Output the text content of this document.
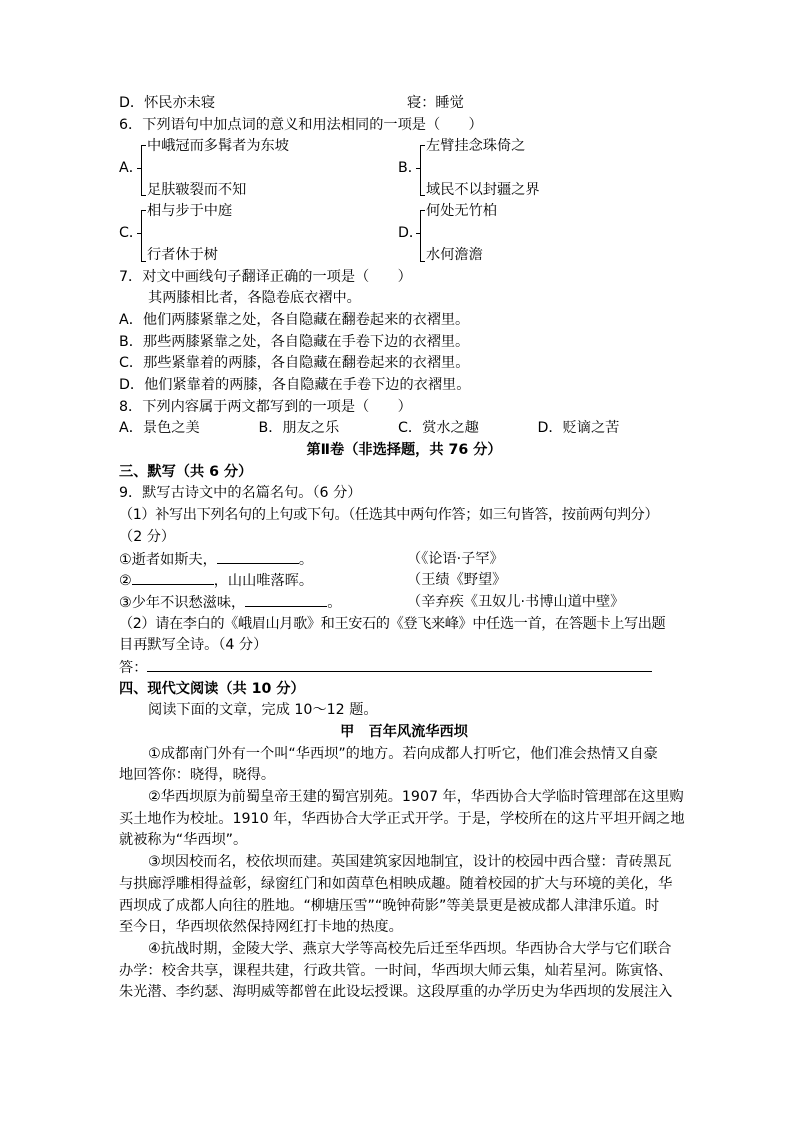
D．怀民亦未寝	寝：睡觉
6．下列语句中加点词的意义和用法相同的一项是（　　）
A．
中峨冠而多髯者为东坡
足肤皲裂而不知
B．
左臂挂念珠倚之
域民不以封疆之界
C．
相与步于中庭
行者休于树
D．
何处无竹柏
水何澹澹
7．对文中画线句子翻译正确的一项是（　　）
其两膝相比者，各隐卷底衣褶中。
A．他们两膝紧靠之处，各自隐藏在翻卷起来的衣褶里。
B．那些两膝紧靠之处，各自隐藏在手卷下边的衣褶里。
C．那些紧靠着的两膝，各自隐藏在翻卷起来的衣褶里。
D．他们紧靠着的两膝，各自隐藏在手卷下边的衣褶里。
8．下列内容属于两文都写到的一项是（　　）
A．景色之美	B．朋友之乐	C．赏水之趣	D．贬谪之苦
第Ⅱ卷（非选择题，共 76 分）
三、默写（共 6 分）
9．默写古诗文中的名篇名句。（6 分）
（1）补写出下列名句的上句或下句。（任选其中两句作答；如三句皆答，按前两句判分）
（2 分）
①逝者如斯夫，	。	（《论语·子罕》
②	，山山唯落晖。	（王绩《野望》
③少年不识愁滋味，	。	（辛弃疾《丑奴儿·书博山道中壁》
（2）请在李白的《峨眉山月歌》和王安石的《登飞来峰》中任选一首，在答题卡上写出题
目再默写全诗。（4 分）
答：
四、现代文阅读（共 10 分）
阅读下面的文章，完成 10～12 题。
甲　百年风流华西坝
①成都南门外有一个叫“华西坝”的地方。若向成都人打听它，他们准会热情又自豪
地回答你：晓得，晓得。
②华西坝原为前蜀皇帝王建的蜀宫别苑。1907 年，华西协合大学临时管理部在这里购
买土地作为校址。1910 年，华西协合大学正式开学。于是，学校所在的这片平坦开阔之地
就被称为“华西坝”。
③坝因校而名，校依坝而建。英国建筑家因地制宜，设计的校园中西合璧：青砖黑瓦
与拱廊浮雕相得益彰，绿窗红门和如茵草色相映成趣。随着校园的扩大与环境的美化，华
西坝成了成都人向往的胜地。“柳塘压雪”“晚钟荷影”等美景更是被成都人津津乐道。时
至今日，华西坝依然保持网红打卡地的热度。
④抗战时期，金陵大学、燕京大学等高校先后迁至华西坝。华西协合大学与它们联合
办学：校舍共享，课程共建，行政共管。一时间，华西坝大师云集，灿若星河。陈寅恪、
朱光潜、李约瑟、海明威等都曾在此设坛授课。这段厚重的办学历史为华西坝的发展注入
